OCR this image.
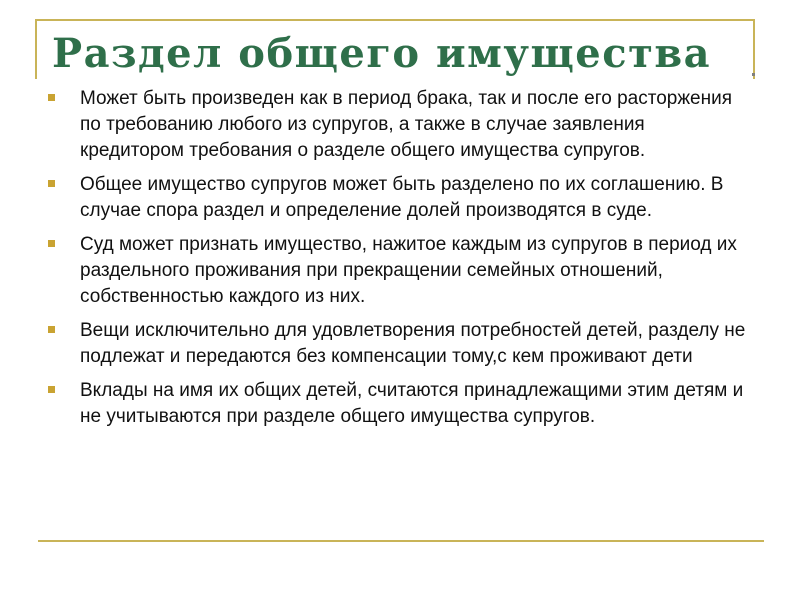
Раздел общего имущества
Может быть произведен как в период брака, так и после его расторжения по требованию любого из супругов, а также в случае заявления кредитором требования о разделе общего имущества супругов.
Общее имущество супругов может быть разделено по их соглашению. В случае спора раздел и определение долей производятся в суде.
Суд может признать имущество, нажитое каждым из супругов в период их раздельного проживания при прекращении семейных отношений, собственностью каждого из них.
Вещи исключительно для удовлетворения потребностей детей, разделу не подлежат и передаются без компенсации тому,с кем проживают дети
Вклады на имя их общих детей, считаются принадлежащими этим детям и не учитываются при разделе общего имущества супругов.
